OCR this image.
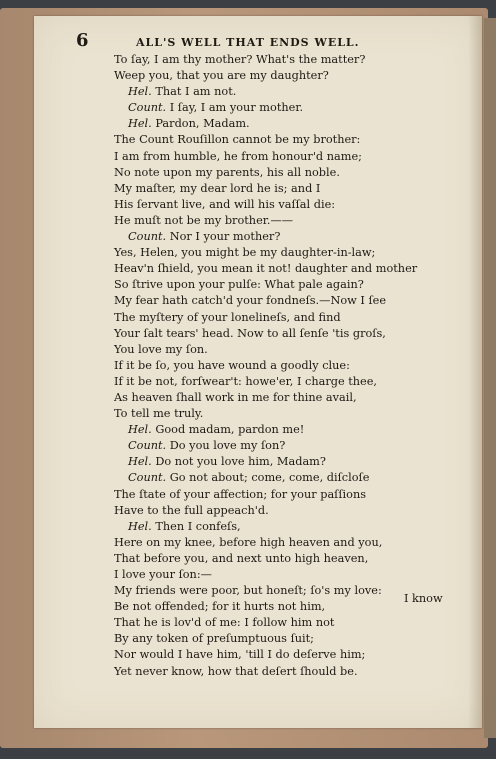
6	ALL'S WELL THAT ENDS WELL.
To ſay, I am thy mother? What's the matter?
Weep you, that you are my daughter?
Hel. That I am not.
Count. I ſay, I am your mother.
Hel. Pardon, Madam.
The Count Rouſillon cannot be my brother:
I am from humble, he from honour'd name;
No note upon my parents, his all noble.
My maſter, my dear lord he is; and I
His ſervant live, and will his vaſſal die:
He muſt not be my brother.——
Count. Nor I your mother?
Yes, Helen, you might be my daughter-in-law;
Heav'n ſhield, you mean it not! daughter and mother
So ſtrive upon your pulſe: What pale again?
My fear hath catch'd your fondneſs.—Now I ſee
The myſtery of your lonelineſs, and find
Your ſalt tears' head. Now to all ſenſe 'tis groſs,
You love my ſon.
If it be ſo, you have wound a goodly clue:
If it be not, forſwear't: howe'er, I charge thee,
As heaven ſhall work in me for thine avail,
To tell me truly.
Hel. Good madam, pardon me!
Count. Do you love my ſon?
Hel. Do not you love him, Madam?
Count. Go not about; come, come, diſcloſe
The ſtate of your affection; for your paſſions
Have to the full appeach'd.
Hel. Then I confeſs,
Here on my knee, before high heaven and you,
That before you, and next unto high heaven,
I love your ſon:—
My friends were poor, but honeſt; ſo's my love:
Be not offended; for it hurts not him,
That he is lov'd of me: I follow him not
By any token of preſumptuous ſuit;
Nor would I have him, 'till I do deſerve him;
Yet never know, how that deſert ſhould be.
I know
